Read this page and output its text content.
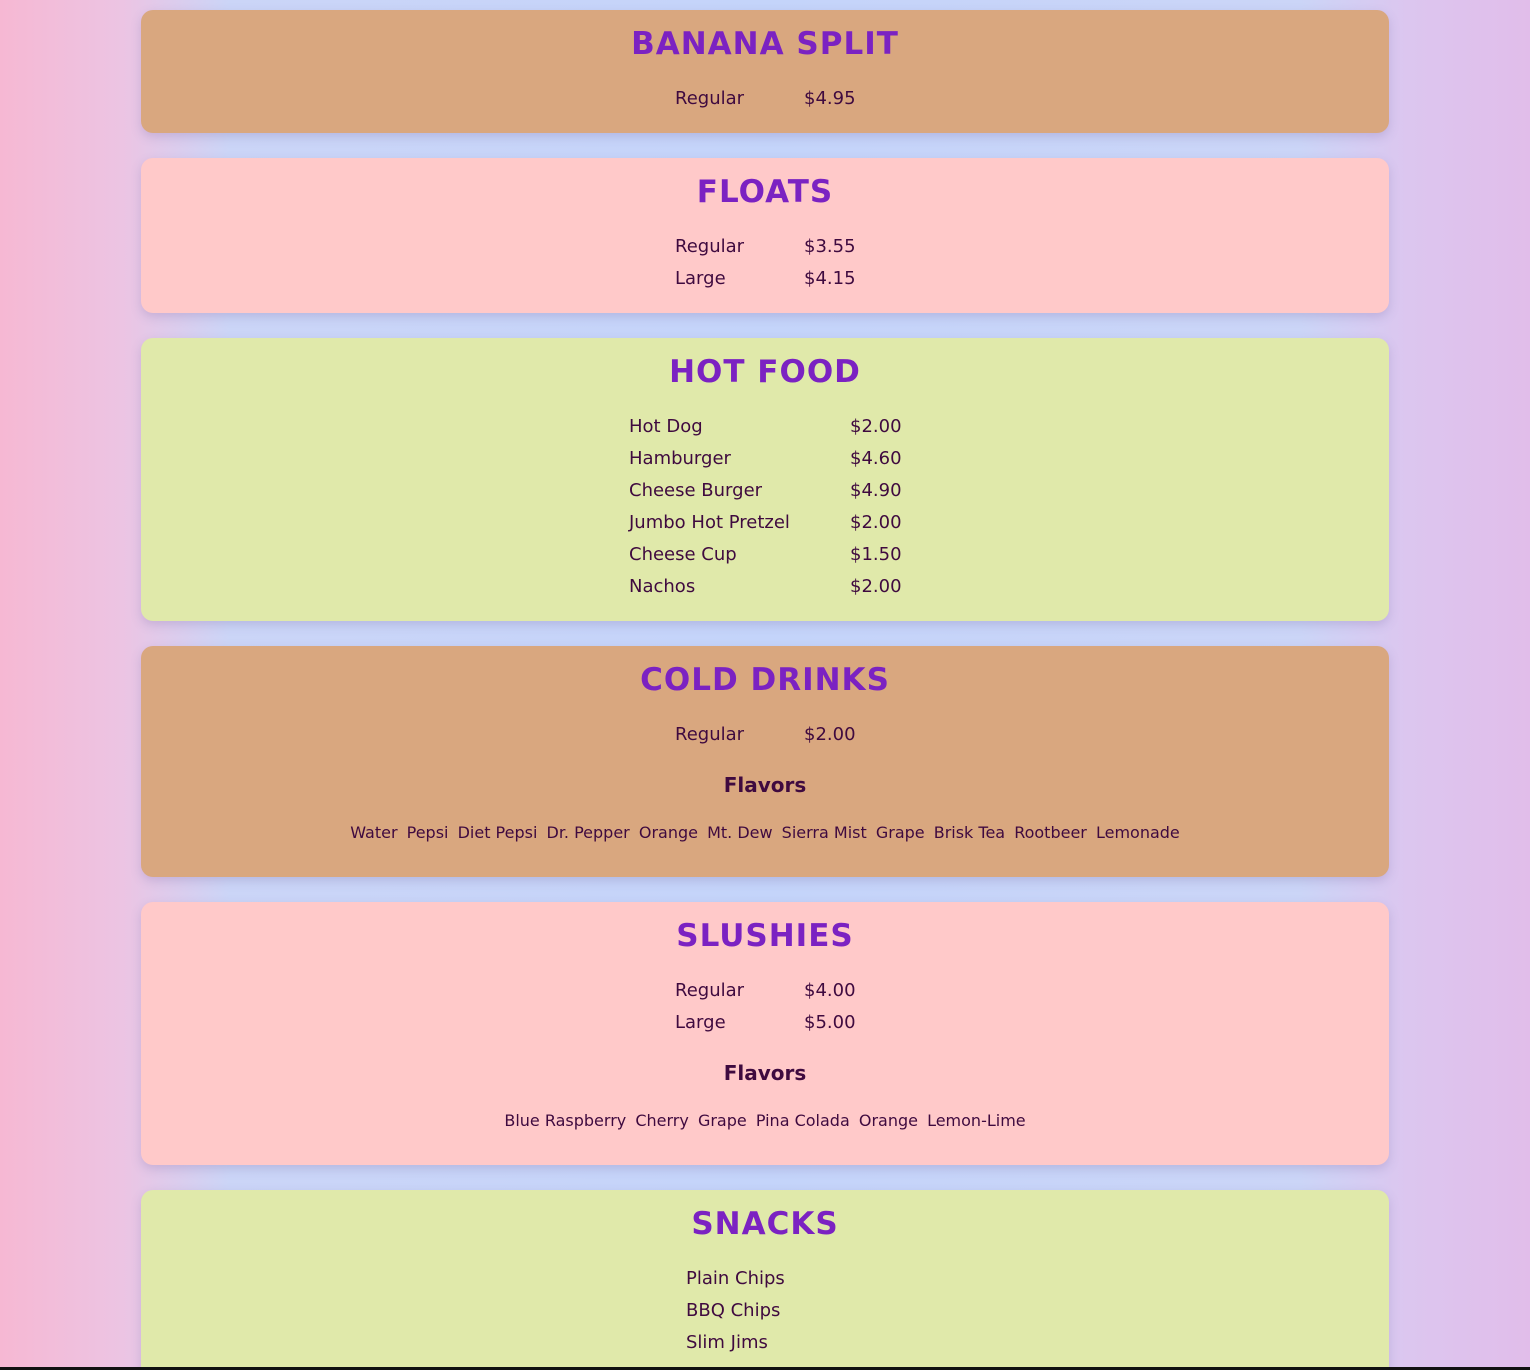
BANANA SPLIT
Regular	$4.95
FLOATS
Regular	$3.55
Large	$4.15
HOT FOOD
Hot Dog	$2.00
Hamburger	$4.60
Cheese Burger	$4.90
Jumbo Hot Pretzel	$2.00
Cheese Cup	$1.50
Nachos	$2.00
COLD DRINKS
Regular	$2.00
Flavors

Water Pepsi Diet Pepsi Dr. Pepper Orange Mt. Dew Sierra Mist Grape Brisk Tea Rootbeer Lemonade

SLUSHIES
Regular	$4.00
Large	$5.00
Flavors

Blue Raspberry Cherry Grape Pina Colada Orange Lemon-Lime

SNACKS
Plain Chips
BBQ Chips
Slim Jims
